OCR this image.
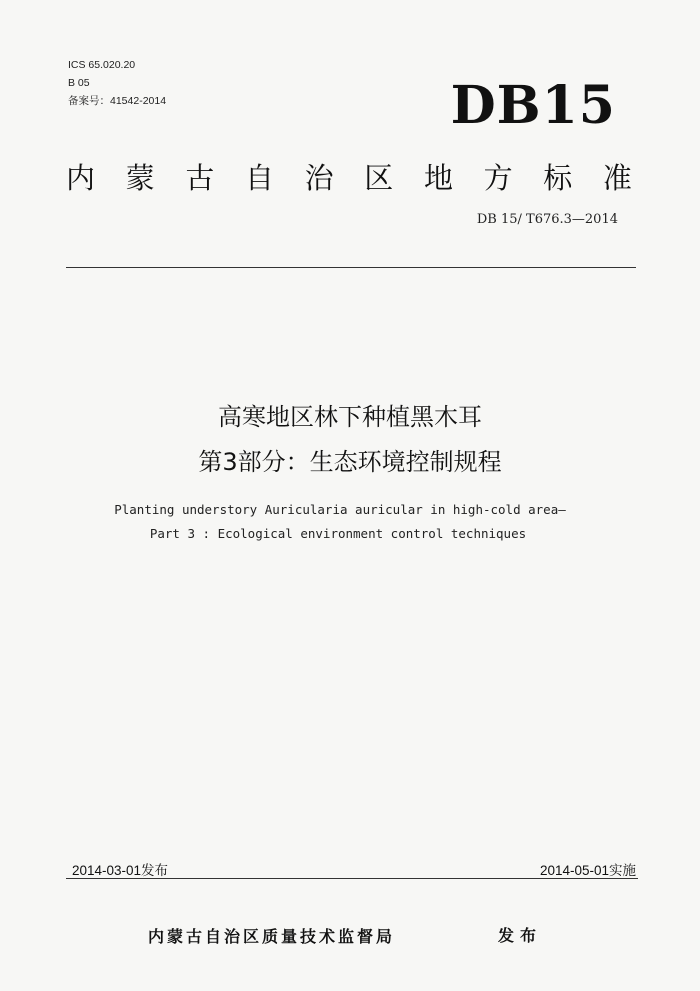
ICS 65.020.20
B 05
备案号：41542-2014	DB15
内 蒙 古 自 治 区 地 方 标 准
DB 15/ T676.3—2014
高寒地区林下种植黑木耳
第3部分：生态环境控制规程
Planting understory Auricularia auricular in high-cold area—
Part 3 : Ecological environment control techniques
2014-03-01发布	2014-05-01实施
内蒙古自治区质量技术监督局	发布
